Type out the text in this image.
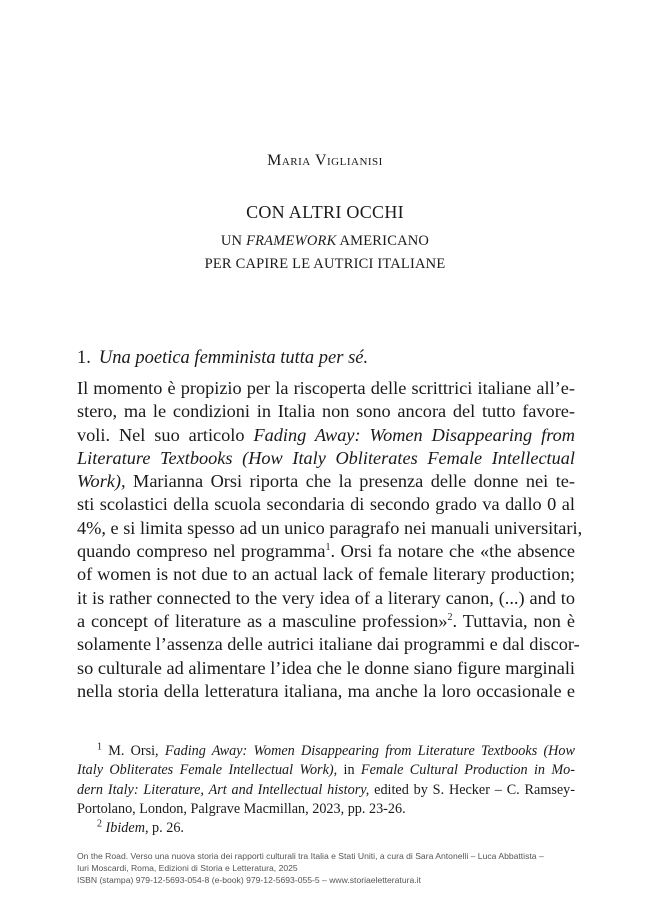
Maria Viglianisi
CON ALTRI OCCHI
UN FRAMEWORK AMERICANO
PER CAPIRE LE AUTRICI ITALIANE
1. Una poetica femminista tutta per sé.
Il momento è propizio per la riscoperta delle scrittrici italiane all’e-
stero, ma le condizioni in Italia non sono ancora del tutto favore-
voli. Nel suo articolo Fading Away: Women Disappearing from
Literature Textbooks (How Italy Obliterates Female Intellectual
Work), Marianna Orsi riporta che la presenza delle donne nei te-
sti scolastici della scuola secondaria di secondo grado va dallo 0 al
4%, e si limita spesso ad un unico paragrafo nei manuali universitari,
quando compreso nel programma$^1$. Orsi fa notare che «the absence
of women is not due to an actual lack of female literary production;
it is rather connected to the very idea of a literary canon, (...) and to
a concept of literature as a masculine profession»$^2$. Tuttavia, non è
solamente l’assenza delle autrici italiane dai programmi e dal discor-
so culturale ad alimentare l’idea che le donne siano figure marginali
nella storia della letteratura italiana, ma anche la loro occasionale e
$^1$ M. Orsi, Fading Away: Women Disappearing from Literature Textbooks (How
Italy Obliterates Female Intellectual Work), in Female Cultural Production in Mo-
dern Italy: Literature, Art and Intellectual history, edited by S. Hecker – C. Ramsey-
Portolano, London, Palgrave Macmillan, 2023, pp. 23-26.
$^2$ Ibidem, p. 26.
On the Road. Verso una nuova storia dei rapporti culturali tra Italia e Stati Uniti, a cura di Sara Antonelli – Luca Abbattista –
Iuri Moscardi, Roma, Edizioni di Storia e Letteratura, 2025
ISBN (stampa) 979-12-5693-054-8 (e-book) 979-12-5693-055-5 – www.storiaeletteratura.it
